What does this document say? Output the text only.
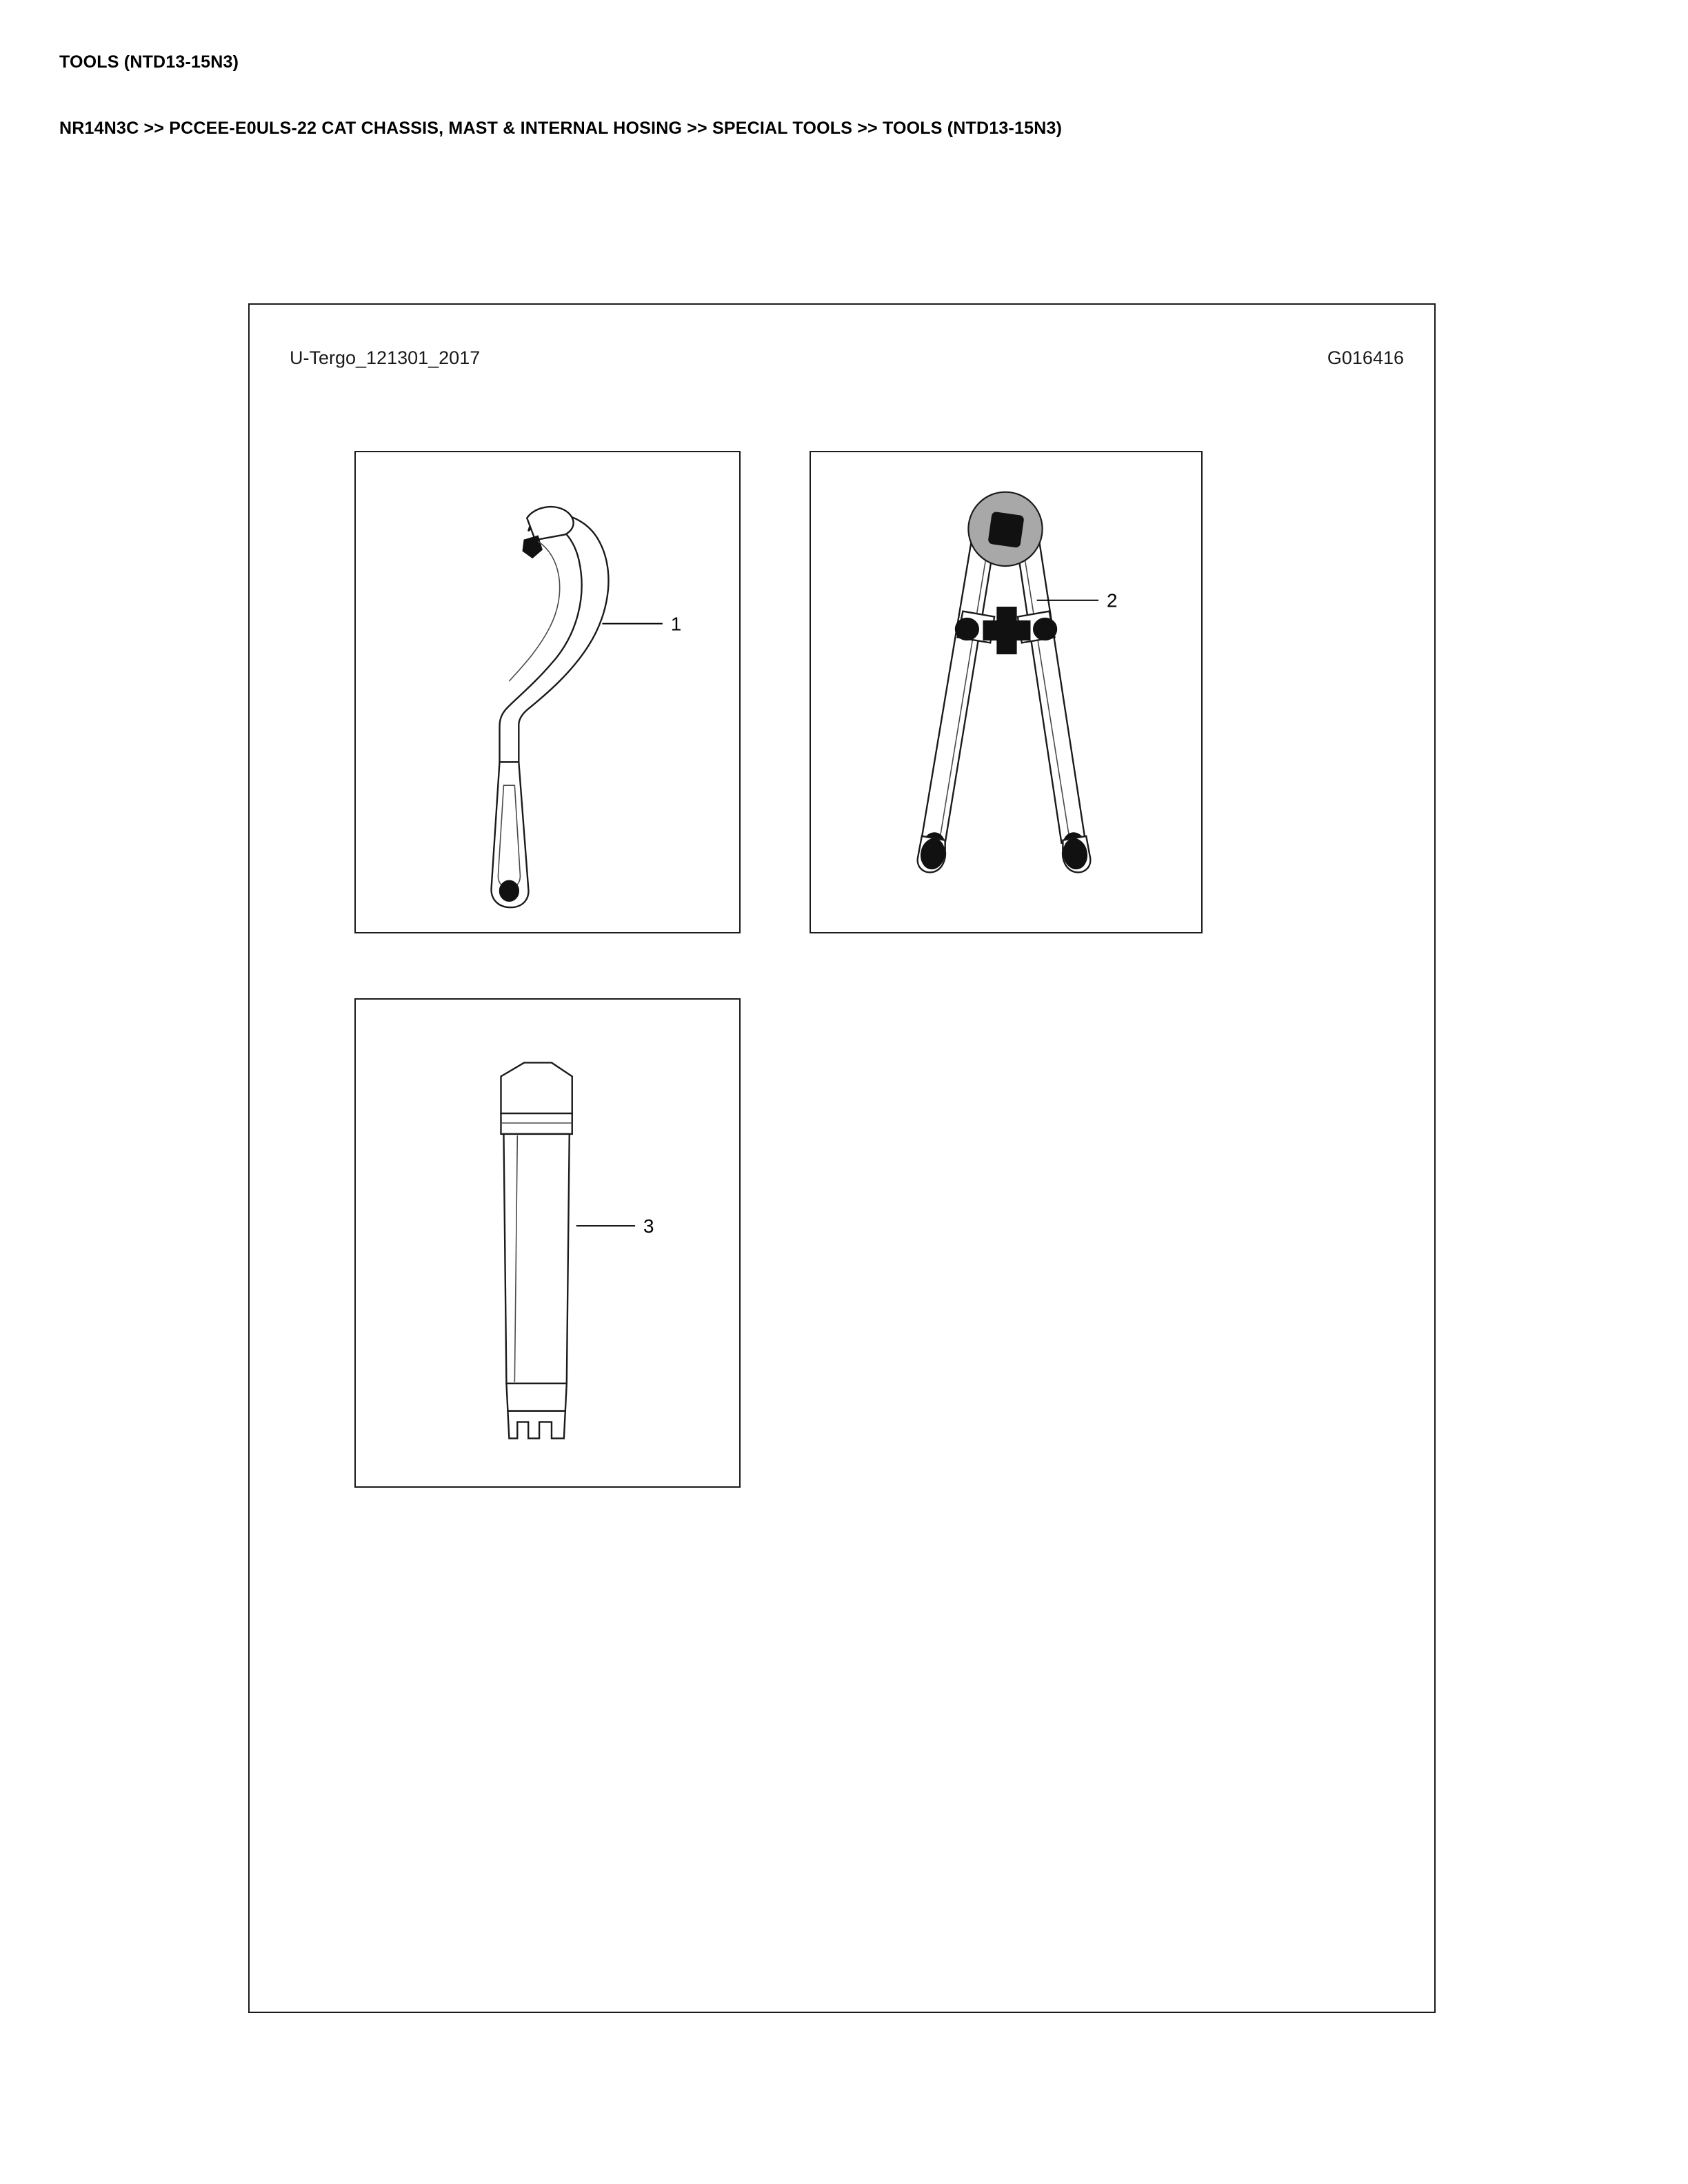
TOOLS (NTD13-15N3)
NR14N3C >> PCCEE-E0ULS-22 CAT CHASSIS, MAST & INTERNAL HOSING >> SPECIAL TOOLS >> TOOLS (NTD13-15N3)
U-Tergo_121301_2017	G016416
1
2
3
